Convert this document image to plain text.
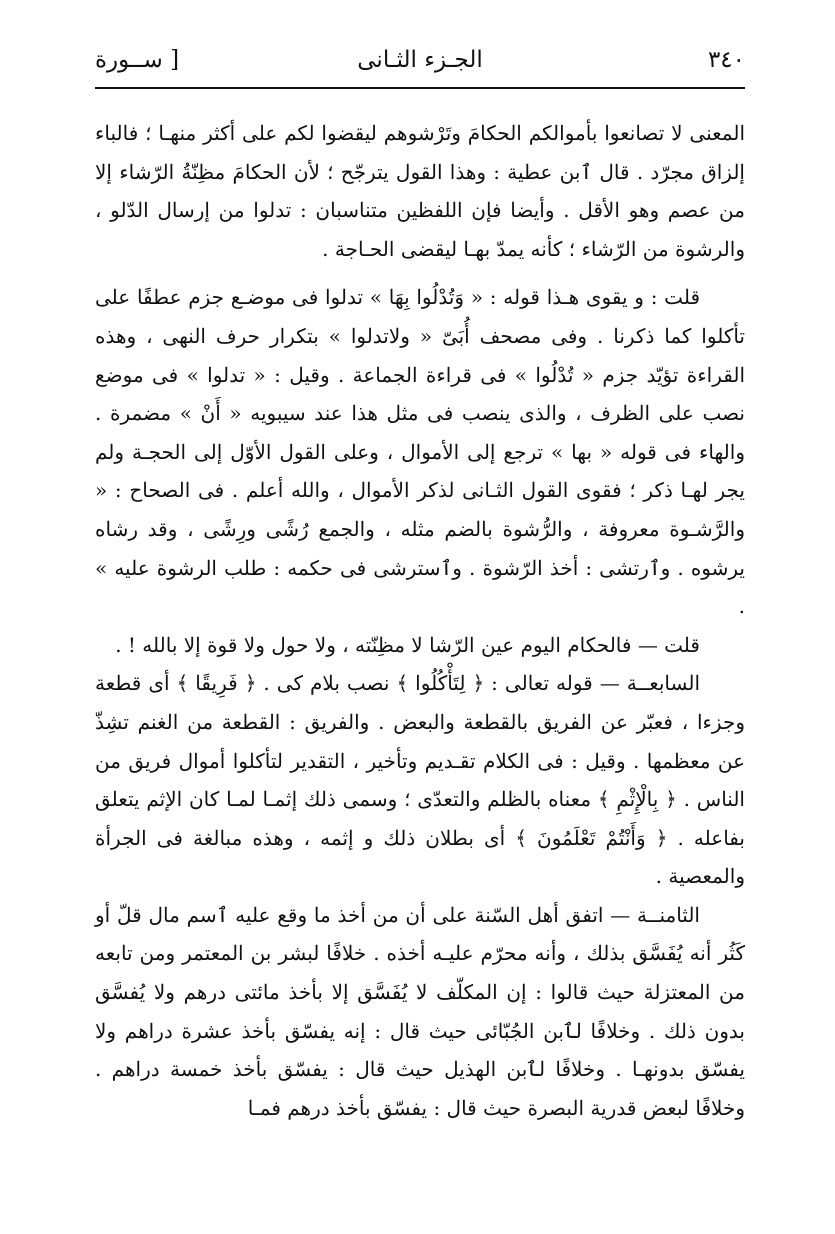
٣٤٠
الجـزء الثـانى
[ ســورة

المعنى لا تصانعوا بأموالكم الحكامَ وتَرْشوهم ليقضوا لكم على أكثر منهـا ؛ فالباء إلزاق مجرّد . قال ٱبن عطية : وهذا القول يترجّح ؛ لأن الحكامَ مظِنّةُ الرّشاء إلا من عصم وهو الأقل . وأيضا فإن اللفظين متناسبان : تدلوا من إرسال الدّلو ، والرشوة من الرّشاء ؛ كأنه يمدّ بهـا ليقضى الحـاجة .

قلت : و يقوى هـذا قوله : « وَتُدْلُوا بِهَا » تدلوا فى موضـع جزم عطفًا على تأكلوا كما ذكرنا . وفى مصحف أُبَىّ « ولاتدلوا » بتكرار حرف النهى ، وهذه القراءة تؤيّد جزم « تُدْلُوا » فى قراءة الجماعة . وقيل : « تدلوا » فى موضع نصب على الظرف ، والذى ينصب فى مثل هذا عند سيبويه « أَنْ » مضمرة . والهاء فى قوله « بها » ترجع إلى الأموال ، وعلى القول الأوّل إلى الحجـة ولم يجر لهـا ذكر ؛ فقوى القول الثـانى لذكر الأموال ، والله أعلم . فى الصحاح : « والرَّشـوة معروفة ، والرُّشوة بالضم مثله ، والجمع رُشًى ورِشًى ، وقد رشاه يرشوه . وٱرتشى : أخذ الرّشوة . وٱسترشى فى حكمه : طلب الرشوة عليه » .

قلت — فالحكام اليوم عين الرّشا لا مظِنّته ، ولا حول ولا قوة إلا بالله ! .

السابعــة — قوله تعالى : ﴿ لِتَأْكُلُوا ﴾ نصب بلام كى . ﴿ فَرِيقًا ﴾ أى قطعة وجزءا ، فعبّر عن الفريق بالقطعة والبعض . والفريق : القطعة من الغنم تشِذّ عن معظمها . وقيل : فى الكلام تقـديم وتأخير ، التقدير لتأكلوا أموال فريق من الناس . ﴿ بِالْإِثْمِ ﴾ معناه بالظلم والتعدّى ؛ وسمى ذلك إثمـا لمـا كان الإثم يتعلق بفاعله . ﴿ وَأَنْتُمْ تَعْلَمُونَ ﴾ أى بطلان ذلك و إثمه ، وهذه مبالغة فى الجرأة والمعصية .

الثامنــة — اتفق أهل السّنة على أن من أخذ ما وقع عليه ٱسم مال قلّ أو كَثُر أنه يُفَسَّق بذلك ، وأنه محرّم عليـه أخذه . خلافًا لبشر بن المعتمر ومن تابعه من المعتزلة حيث قالوا : إن المكلّف لا يُفَسَّق إلا بأخذ مائتى درهم ولا يُفسَّق بدون ذلك . وخلافًا لٱبن الجُبّائى حيث قال : إنه يفسّق بأخذ عشرة دراهم ولا يفسّق بدونهـا . وخلافًا لٱبن الهذيل حيث قال : يفسّق بأخذ خمسة دراهم . وخلافًا لبعض قدرية البصرة حيث قال : يفسّق بأخذ درهم فمـا
